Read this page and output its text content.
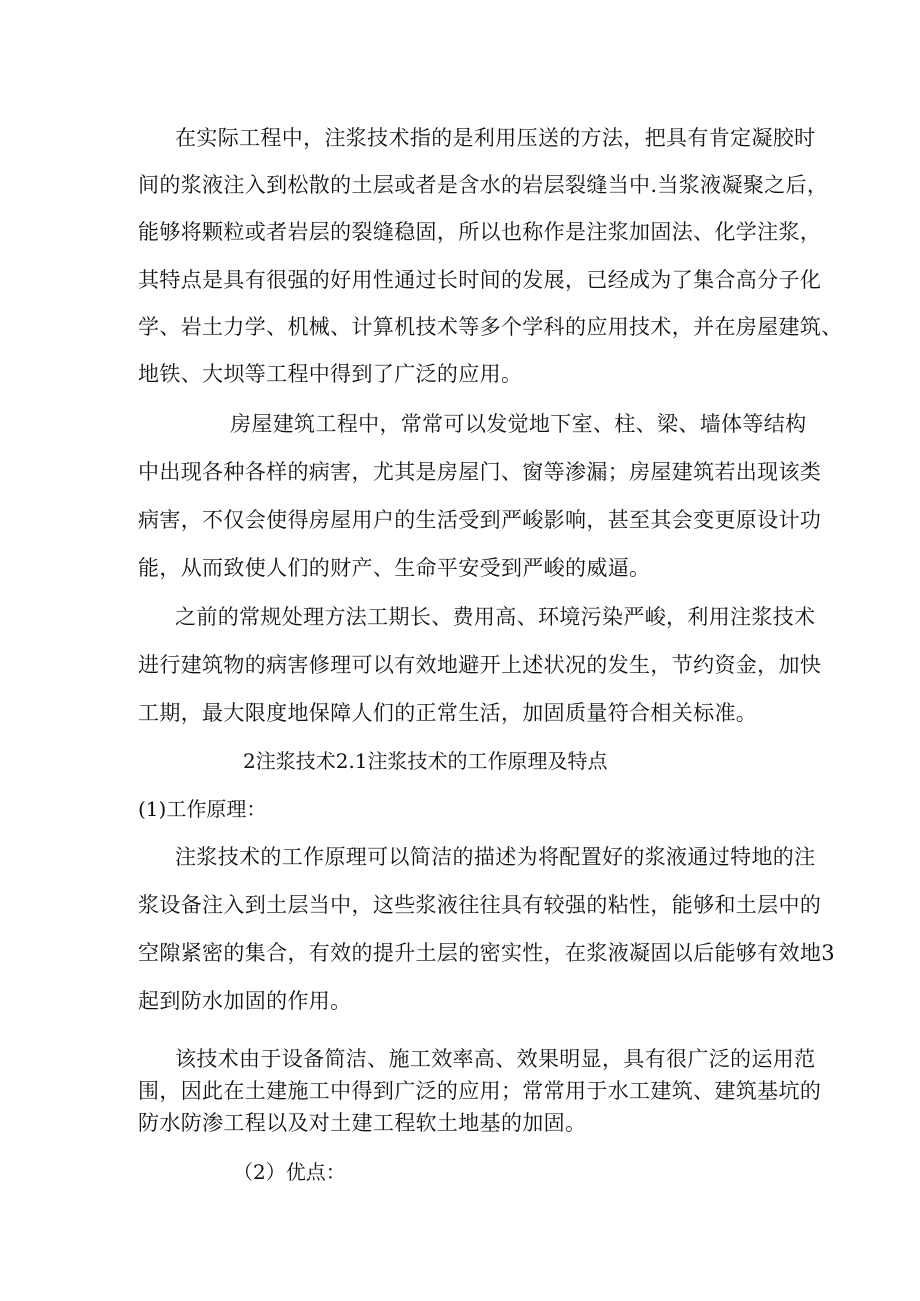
在实际工程中，注浆技术指的是利用压送的方法，把具有肯定凝胶时
间的浆液注入到松散的土层或者是含水的岩层裂缝当中.当浆液凝聚之后，
能够将颗粒或者岩层的裂缝稳固，所以也称作是注浆加固法、化学注浆，
其特点是具有很强的好用性通过长时间的发展，已经成为了集合高分子化
学、岩土力学、机械、计算机技术等多个学科的应用技术，并在房屋建筑、
地铁、大坝等工程中得到了广泛的应用。
房屋建筑工程中，常常可以发觉地下室、柱、梁、墙体等结构
中出现各种各样的病害，尤其是房屋门、窗等渗漏；房屋建筑若出现该类
病害，不仅会使得房屋用户的生活受到严峻影响，甚至其会变更原设计功
能，从而致使人们的财产、生命平安受到严峻的威逼。
之前的常规处理方法工期长、费用高、环境污染严峻，利用注浆技术
进行建筑物的病害修理可以有效地避开上述状况的发生，节约资金，加快
工期，最大限度地保障人们的正常生活，加固质量符合相关标准。
2注浆技术2.1注浆技术的工作原理及特点
(1)工作原理：
注浆技术的工作原理可以简洁的描述为将配置好的浆液通过特地的注
浆设备注入到土层当中，这些浆液往往具有较强的粘性，能够和土层中的
空隙紧密的集合，有效的提升土层的密实性，在浆液凝固以后能够有效地3
起到防水加固的作用。
该技术由于设备简洁、施工效率高、效果明显，具有很广泛的运用范
围，因此在土建施工中得到广泛的应用；常常用于水工建筑、建筑基坑的
防水防渗工程以及对土建工程软土地基的加固。
（2）优点：
